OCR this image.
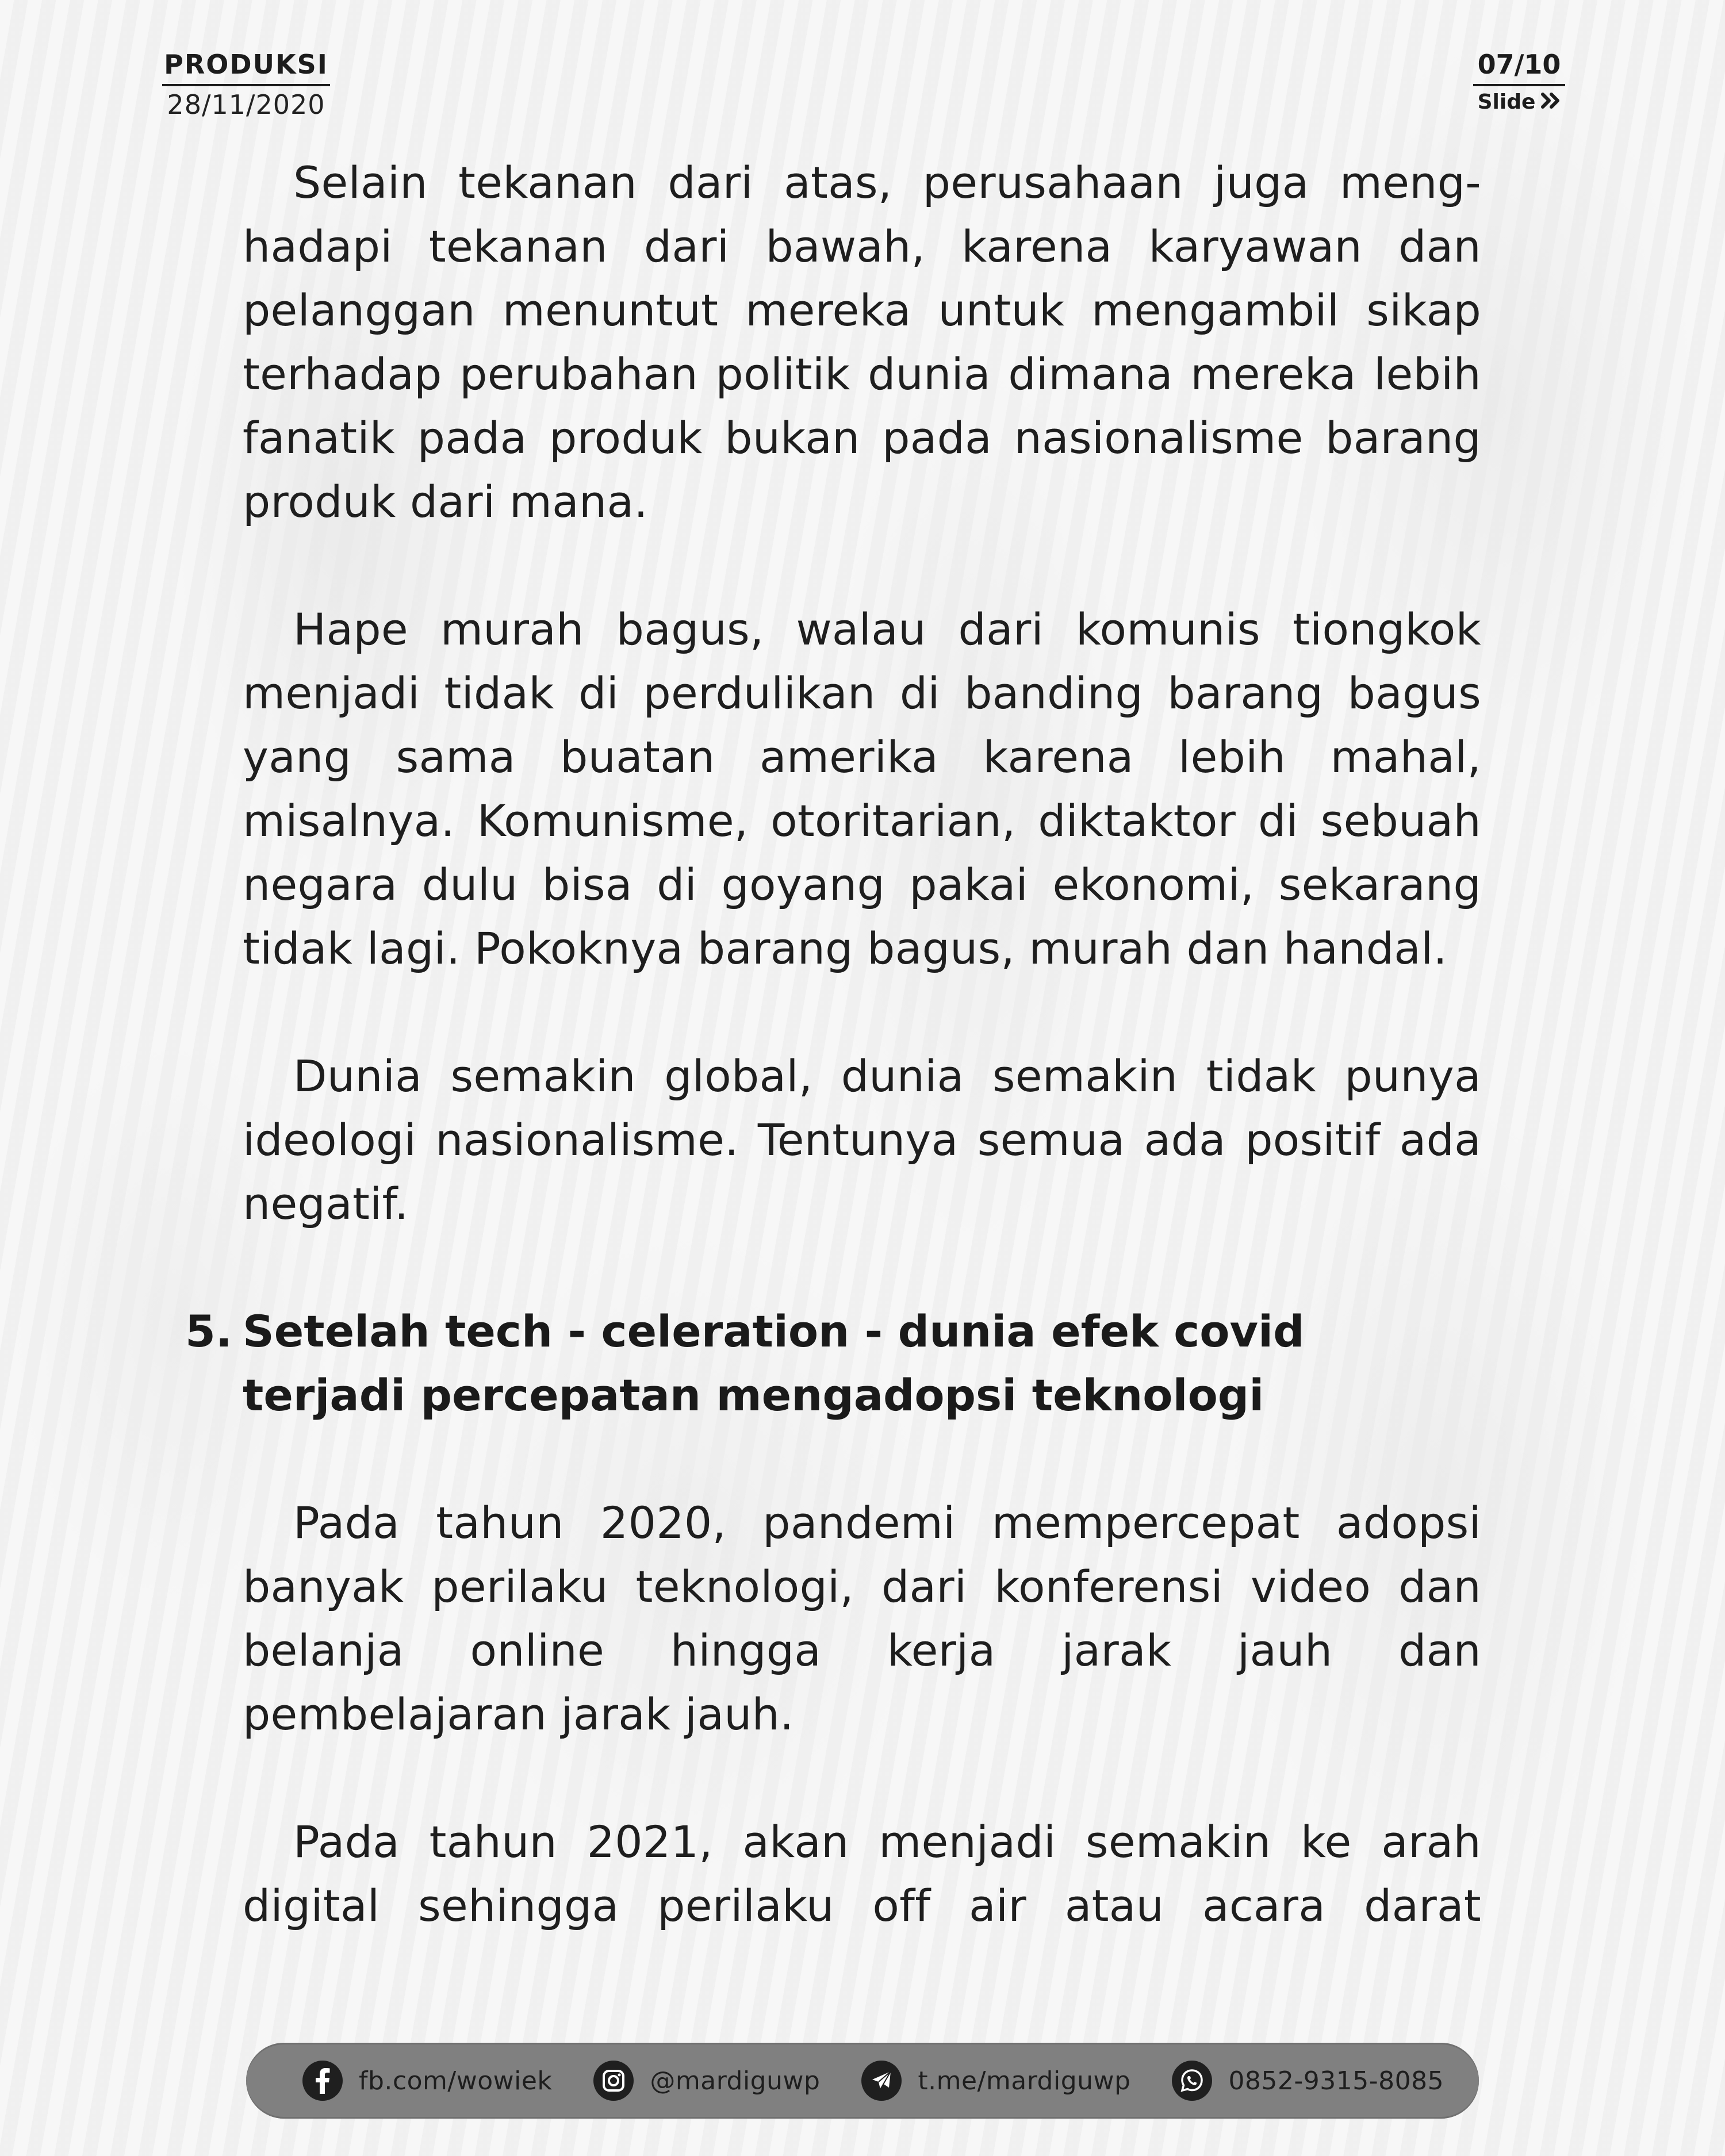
PRODUKSI
28/11/2020
07/10
Slide

Selain tekanan dari atas, perusahaan juga meng-hadapi tekanan dari bawah, karena karyawan dan pelanggan menuntut mereka untuk mengambil sikap terhadap perubahan politik dunia dimana mereka lebih fanatik pada produk bukan pada nasionalisme barang produk dari mana.

Hape murah bagus, walau dari komunis tiongkok menjadi tidak di perdulikan di banding barang bagus yang sama buatan amerika karena lebih mahal, misalnya. Komunisme, otoritarian, diktaktor di sebuah negara dulu bisa di goyang pakai ekonomi, sekarang tidak lagi. Pokoknya barang bagus, murah dan handal.

Dunia semakin global, dunia semakin tidak punya ideologi nasionalisme. Tentunya semua ada positif ada negatif.

5. Setelah tech - celeration - dunia efek covid terjadi percepatan mengadopsi teknologi

Pada tahun 2020, pandemi mempercepat adopsi banyak perilaku teknologi, dari konferensi video dan belanja online hingga kerja jarak jauh dan pembelajaran jarak jauh.

Pada tahun 2021, akan menjadi semakin ke arah digital sehingga perilaku off air atau acara darat

fb.com/wowiek	@mardiguwp	t.me/mardiguwp	0852-9315-8085
